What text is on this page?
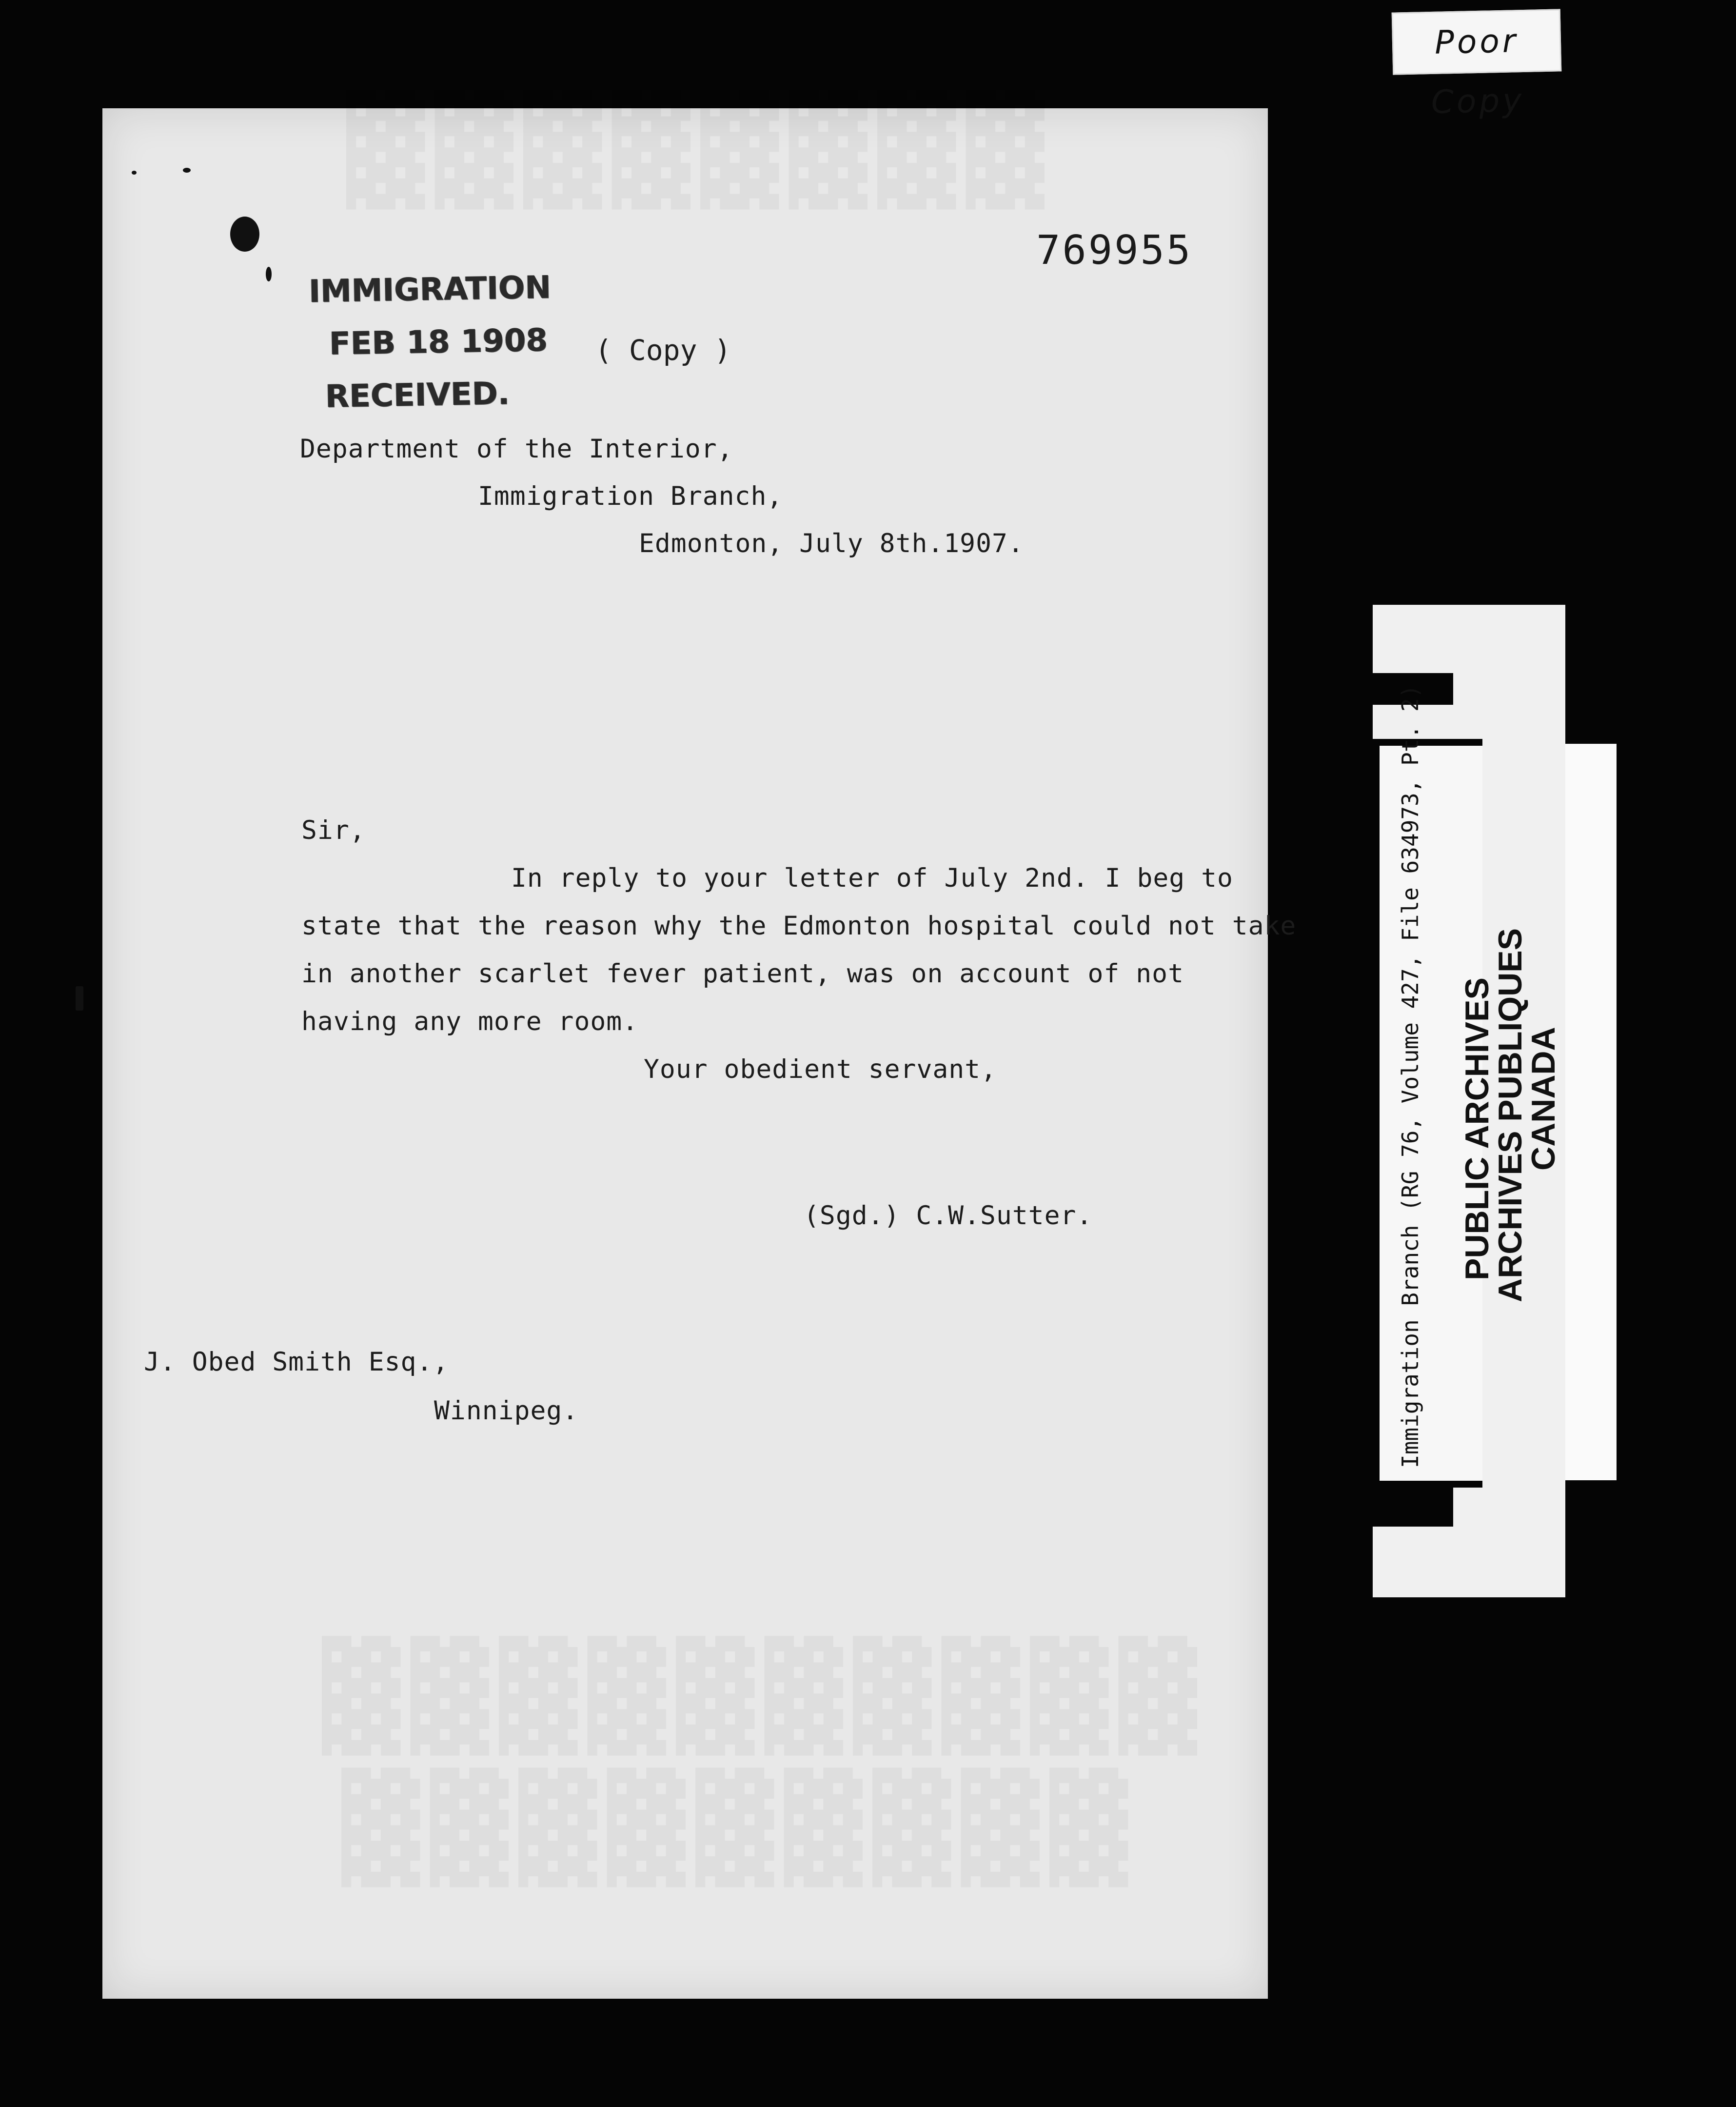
Poor Copy
769955
IMMIGRATION
FEB 18 1908
RECEIVED.
( Copy )
Department of the Interior,
Immigration Branch,
Edmonton, July 8th.1907.
Sir,
In reply to your letter of July 2nd. I beg to
state that the reason why the Edmonton hospital could not take
in another scarlet fever patient, was on account of not
having any more room.
Your obedient servant,
(Sgd.) C.W.Sutter.
J. Obed Smith Esq.,
Winnipeg.	Immigration Branch (RG 76, Volume 427, File 634973, Pt. 2) PUBLIC ARCHIVES
ARCHIVES PUBLIQUES
CANADA
